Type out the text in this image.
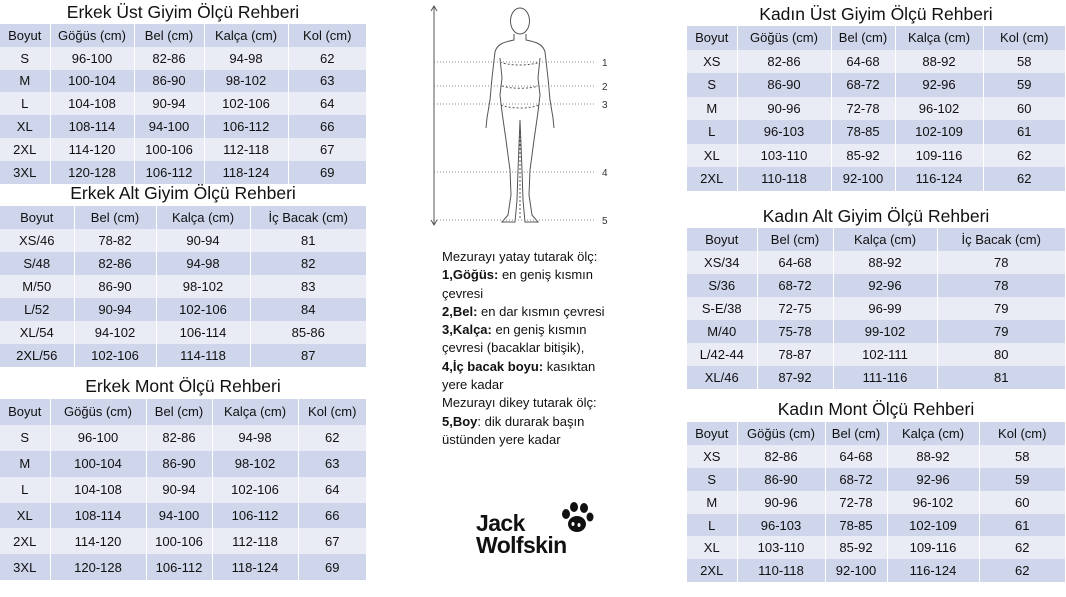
Erkek Üst Giyim Ölçü Rehberi
Boyut	Göğüs (cm)	Bel (cm)	Kalça (cm)	Kol (cm)
S	96-100	82-86	94-98	62
M	100-104	86-90	98-102	63
L	104-108	90-94	102-106	64
XL	108-114	94-100	106-112	66
2XL	114-120	100-106	112-118	67
3XL	120-128	106-112	118-124	69
Erkek Alt Giyim Ölçü Rehberi
Boyut	Bel (cm)	Kalça (cm)	İç Bacak (cm)
XS/46	78-82	90-94	81
S/48	82-86	94-98	82
M/50	86-90	98-102	83
L/52	90-94	102-106	84
XL/54	94-102	106-114	85-86
2XL/56	102-106	114-118	87
Erkek Mont Ölçü Rehberi
Boyut	Göğüs (cm)	Bel (cm)	Kalça (cm)	Kol (cm)
S	96-100	82-86	94-98	62
M	100-104	86-90	98-102	63
L	104-108	90-94	102-106	64
XL	108-114	94-100	106-112	66
2XL	114-120	100-106	112-118	67
3XL	120-128	106-112	118-124	69
Kadın Üst Giyim Ölçü Rehberi
Boyut	Göğüs (cm)	Bel (cm)	Kalça (cm)	Kol (cm)
XS	82-86	64-68	88-92	58
S	86-90	68-72	92-96	59
M	90-96	72-78	96-102	60
L	96-103	78-85	102-109	61
XL	103-110	85-92	109-116	62
2XL	110-118	92-100	116-124	62
Kadın Alt Giyim Ölçü Rehberi
Boyut	Bel (cm)	Kalça (cm)	İç Bacak (cm)
XS/34	64-68	88-92	78
S/36	68-72	92-96	78
S-E/38	72-75	96-99	79
M/40	75-78	99-102	79
L/42-44	78-87	102-111	80
XL/46	87-92	111-116	81
Kadın Mont Ölçü Rehberi
Boyut	Göğüs (cm)	Bel (cm)	Kalça (cm)	Kol (cm)
XS	82-86	64-68	88-92	58
S	86-90	68-72	92-96	59
M	90-96	72-78	96-102	60
L	96-103	78-85	102-109	61
XL	103-110	85-92	109-116	62
2XL	110-118	92-100	116-124	62
1
2
3
4
5

Mezurayı yatay tutarak ölç:

1,Göğüs: en geniş kısmın çevresi

2,Bel: en dar kısmın çevresi

3,Kalça: en geniş kısmın çevresi (bacaklar bitişik),

4,İç bacak boyu: kasıktan yere kadar

Mezurayı dikey tutarak ölç:

5,Boy: dik durarak başın üstünden yere kadar

Jack
Wolfskin
